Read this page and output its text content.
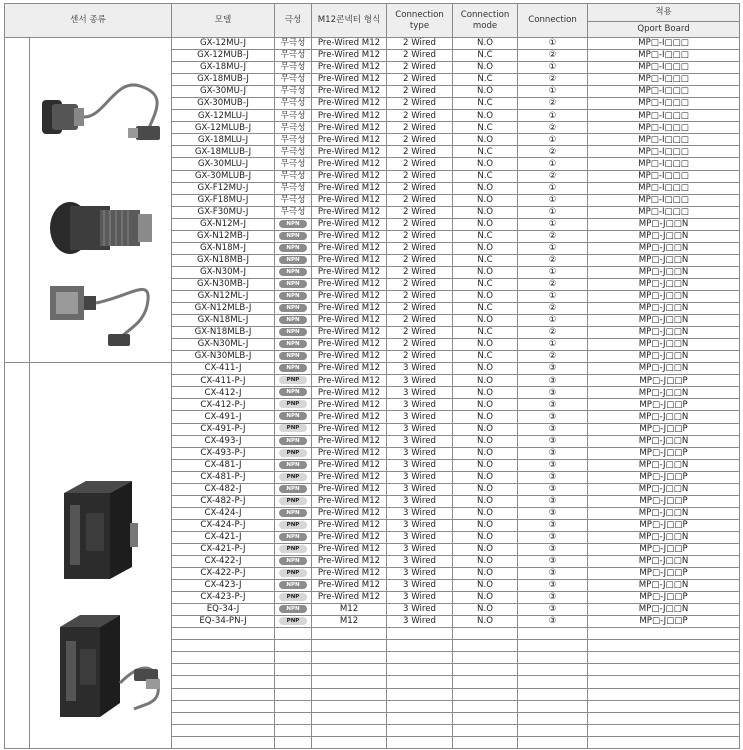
센서 종류		모델	극성	M12콘넥터 형식	Connection type	Connection mode	Connection	적용
								Qport Board

	GX-12MU-J	무극성	Pre-Wired M12	2 Wired	N.O	①	MP□-I□□□
		GX-12MUB-J	무극성	Pre-Wired M12	2 Wired	N.C	②	MP□-I□□□
		GX-18MU-J	무극성	Pre-Wired M12	2 Wired	N.O	①	MP□-I□□□
		GX-18MUB-J	무극성	Pre-Wired M12	2 Wired	N.C	②	MP□-I□□□
		GX-30MU-J	무극성	Pre-Wired M12	2 Wired	N.O	①	MP□-I□□□
		GX-30MUB-J	무극성	Pre-Wired M12	2 Wired	N.C	②	MP□-I□□□
		GX-12MLU-J	무극성	Pre-Wired M12	2 Wired	N.O	①	MP□-I□□□
		GX-12MLUB-J	무극성	Pre-Wired M12	2 Wired	N.C	②	MP□-I□□□
		GX-18MLU-J	무극성	Pre-Wired M12	2 Wired	N.O	①	MP□-I□□□
		GX-18MLUB-J	무극성	Pre-Wired M12	2 Wired	N.C	②	MP□-I□□□
		GX-30MLU-J	무극성	Pre-Wired M12	2 Wired	N.O	①	MP□-I□□□
		GX-30MLUB-J	무극성	Pre-Wired M12	2 Wired	N.C	②	MP□-I□□□
		GX-F12MU-J	무극성	Pre-Wired M12	2 Wired	N.O	①	MP□-I□□□
		GX-F18MU-J	무극성	Pre-Wired M12	2 Wired	N.O	①	MP□-I□□□
		GX-F30MU-J	무극성	Pre-Wired M12	2 Wired	N.O	①	MP□-I□□□
		GX-N12M-J	NPN	Pre-Wired M12	2 Wired	N.O	①	MP□-J□□N
		GX-N12MB-J	NPN	Pre-Wired M12	2 Wired	N.C	②	MP□-J□□N
		GX-N18M-J	NPN	Pre-Wired M12	2 Wired	N.O	①	MP□-J□□N
		GX-N18MB-J	NPN	Pre-Wired M12	2 Wired	N.C	②	MP□-J□□N
		GX-N30M-J	NPN	Pre-Wired M12	2 Wired	N.O	①	MP□-J□□N
		GX-N30MB-J	NPN	Pre-Wired M12	2 Wired	N.C	②	MP□-J□□N
		GX-N12ML-J	NPN	Pre-Wired M12	2 Wired	N.O	①	MP□-J□□N
		GX-N12MLB-J	NPN	Pre-Wired M12	2 Wired	N.C	②	MP□-J□□N
		GX-N18ML-J	NPN	Pre-Wired M12	2 Wired	N.O	①	MP□-J□□N
		GX-N18MLB-J	NPN	Pre-Wired M12	2 Wired	N.C	②	MP□-J□□N
		GX-N30ML-J	NPN	Pre-Wired M12	2 Wired	N.O	①	MP□-J□□N
		GX-N30MLB-J	NPN	Pre-Wired M12	2 Wired	N.C	②	MP□-J□□N

	CX-411-J	NPN	Pre-Wired M12	3 Wired	N.O	③	MP□-J□□N
		CX-411-P-J	PNP	Pre-Wired M12	3 Wired	N.O	③	MP□-J□□P
		CX-412-J	NPN	Pre-Wired M12	3 Wired	N.O	③	MP□-J□□N
		CX-412-P-J	PNP	Pre-Wired M12	3 Wired	N.O	③	MP□-J□□P
		CX-491-J	NPN	Pre-Wired M12	3 Wired	N.O	③	MP□-J□□N
		CX-491-P-J	PNP	Pre-Wired M12	3 Wired	N.O	③	MP□-J□□P
		CX-493-J	NPN	Pre-Wired M12	3 Wired	N.O	③	MP□-J□□N
		CX-493-P-J	PNP	Pre-Wired M12	3 Wired	N.O	③	MP□-J□□P
		CX-481-J	NPN	Pre-Wired M12	3 Wired	N.O	③	MP□-J□□N
		CX-481-P-J	PNP	Pre-Wired M12	3 Wired	N.O	③	MP□-J□□P
		CX-482-J	NPN	Pre-Wired M12	3 Wired	N.O	③	MP□-J□□N
		CX-482-P-J	PNP	Pre-Wired M12	3 Wired	N.O	③	MP□-J□□P
		CX-424-J	NPN	Pre-Wired M12	3 Wired	N.O	③	MP□-J□□N
		CX-424-P-J	PNP	Pre-Wired M12	3 Wired	N.O	③	MP□-J□□P
		CX-421-J	NPN	Pre-Wired M12	3 Wired	N.O	③	MP□-J□□N
		CX-421-P-J	PNP	Pre-Wired M12	3 Wired	N.O	③	MP□-J□□P
		CX-422-J	NPN	Pre-Wired M12	3 Wired	N.O	③	MP□-J□□N
		CX-422-P-J	PNP	Pre-Wired M12	3 Wired	N.O	③	MP□-J□□P
		CX-423-J	NPN	Pre-Wired M12	3 Wired	N.O	③	MP□-J□□N
		CX-423-P-J	PNP	Pre-Wired M12	3 Wired	N.O	③	MP□-J□□P
		EQ-34-J	NPN	M12	3 Wired	N.O	③	MP□-J□□N
		EQ-34-PN-J	PNP	M12	3 Wired	N.O	③	MP□-J□□P
